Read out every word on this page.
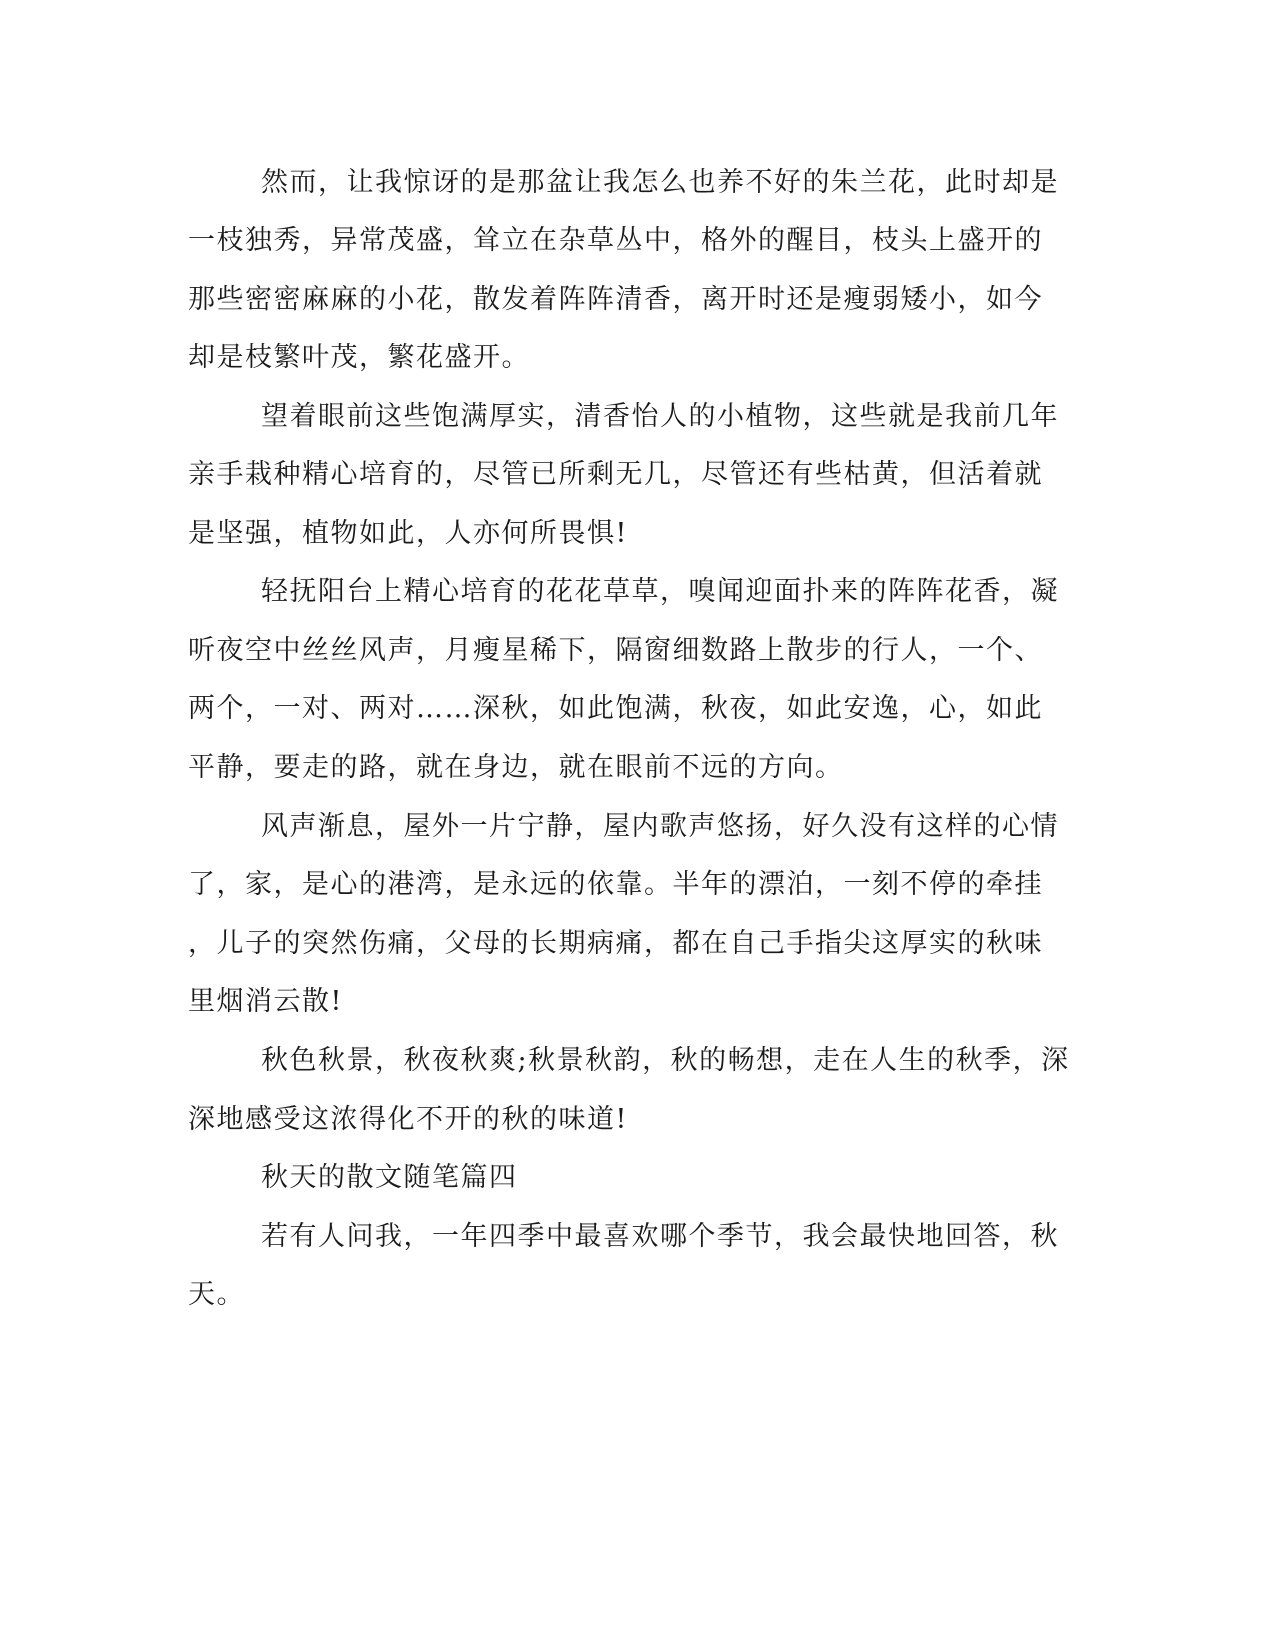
然而，让我惊讶的是那盆让我怎么也养不好的朱兰花，此时却是
一枝独秀，异常茂盛，耸立在杂草丛中，格外的醒目，枝头上盛开的
那些密密麻麻的小花，散发着阵阵清香，离开时还是瘦弱矮小，如今
却是枝繁叶茂，繁花盛开。
望着眼前这些饱满厚实，清香怡人的小植物，这些就是我前几年
亲手栽种精心培育的，尽管已所剩无几，尽管还有些枯黄，但活着就
是坚强，植物如此，人亦何所畏惧!
轻抚阳台上精心培育的花花草草，嗅闻迎面扑来的阵阵花香，凝
听夜空中丝丝风声，月瘦星稀下，隔窗细数路上散步的行人，一个、
两个，一对、两对……深秋，如此饱满，秋夜，如此安逸，心，如此
平静，要走的路，就在身边，就在眼前不远的方向。
风声渐息，屋外一片宁静，屋内歌声悠扬，好久没有这样的心情
了，家，是心的港湾，是永远的依靠。半年的漂泊，一刻不停的牵挂
，儿子的突然伤痛，父母的长期病痛，都在自己手指尖这厚实的秋味
里烟消云散!
秋色秋景，秋夜秋爽;秋景秋韵，秋的畅想，走在人生的秋季，深
深地感受这浓得化不开的秋的味道!
秋天的散文随笔篇四
若有人问我，一年四季中最喜欢哪个季节，我会最快地回答，秋
天。
